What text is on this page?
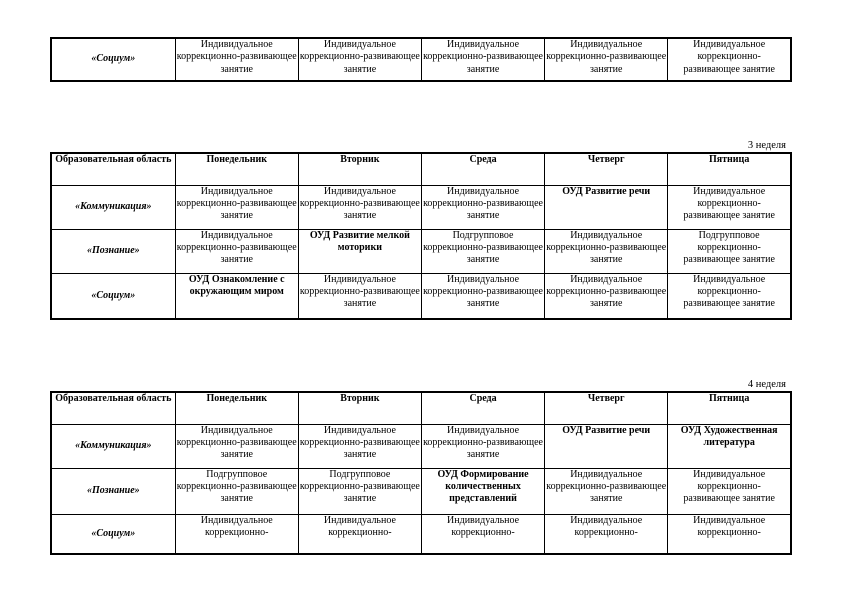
«Социум»	Индивидуальное коррекционно-развивающее занятие	Индивидуальное коррекционно-развивающее занятие	Индивидуальное коррекционно-развивающее занятие	Индивидуальное коррекционно-развивающее занятие	Индивидуальное коррекционно-развивающее занятие
3 неделя
Образовательная область	Понедельник	Вторник	Среда	Четверг	Пятница
«Коммуникация»	Индивидуальное коррекционно-развивающее занятие	Индивидуальное коррекционно-развивающее занятие	Индивидуальное коррекционно-развивающее занятие	ОУД Развитие речи	Индивидуальное коррекционно-развивающее занятие
«Познание»	Индивидуальное коррекционно-развивающее занятие	ОУД Развитие мелкой моторики	Подгрупповое коррекционно-развивающее занятие	Индивидуальное коррекционно-развивающее занятие	Подгрупповое коррекционно-развивающее занятие
«Социум»	ОУД Ознакомление с окружающим миром	Индивидуальное коррекционно-развивающее занятие	Индивидуальное коррекционно-развивающее занятие	Индивидуальное коррекционно-развивающее занятие	Индивидуальное коррекционно-развивающее занятие
4 неделя
Образовательная область	Понедельник	Вторник	Среда	Четверг	Пятница
«Коммуникация»	Индивидуальное коррекционно-развивающее занятие	Индивидуальное коррекционно-развивающее занятие	Индивидуальное коррекционно-развивающее занятие	ОУД Развитие речи	ОУД Художественная литература
«Познание»	Подгрупповое коррекционно-развивающее занятие	Подгрупповое коррекционно-развивающее занятие	ОУД Формирование количественных представлений	Индивидуальное коррекционно-развивающее занятие	Индивидуальное коррекционно-развивающее занятие
«Социум»	Индивидуальное коррекционно-	Индивидуальное коррекционно-	Индивидуальное коррекционно-	Индивидуальное коррекционно-	Индивидуальное коррекционно-
